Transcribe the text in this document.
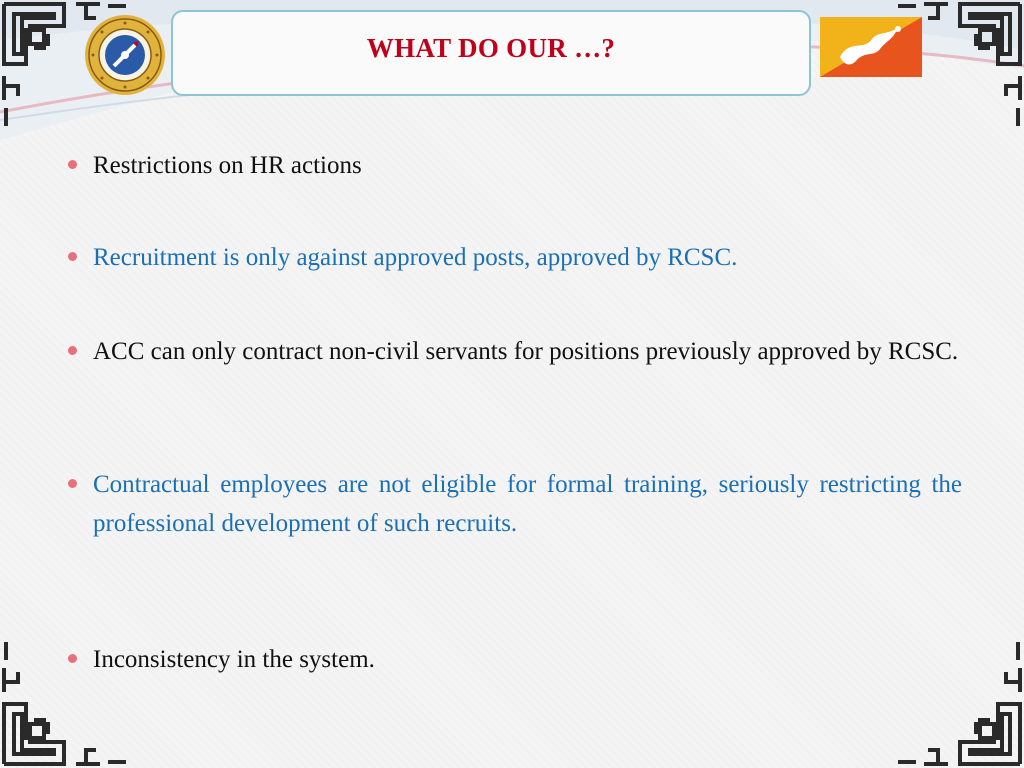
WHAT DO OUR …?
Restrictions on HR actions
Recruitment is only against approved posts, approved by RCSC.
ACC can only contract non-civil servants for positions previously approved by RCSC.
Contractual employees are not eligible for formal training, seriously restricting the professional development of such recruits.
Inconsistency in the system.
